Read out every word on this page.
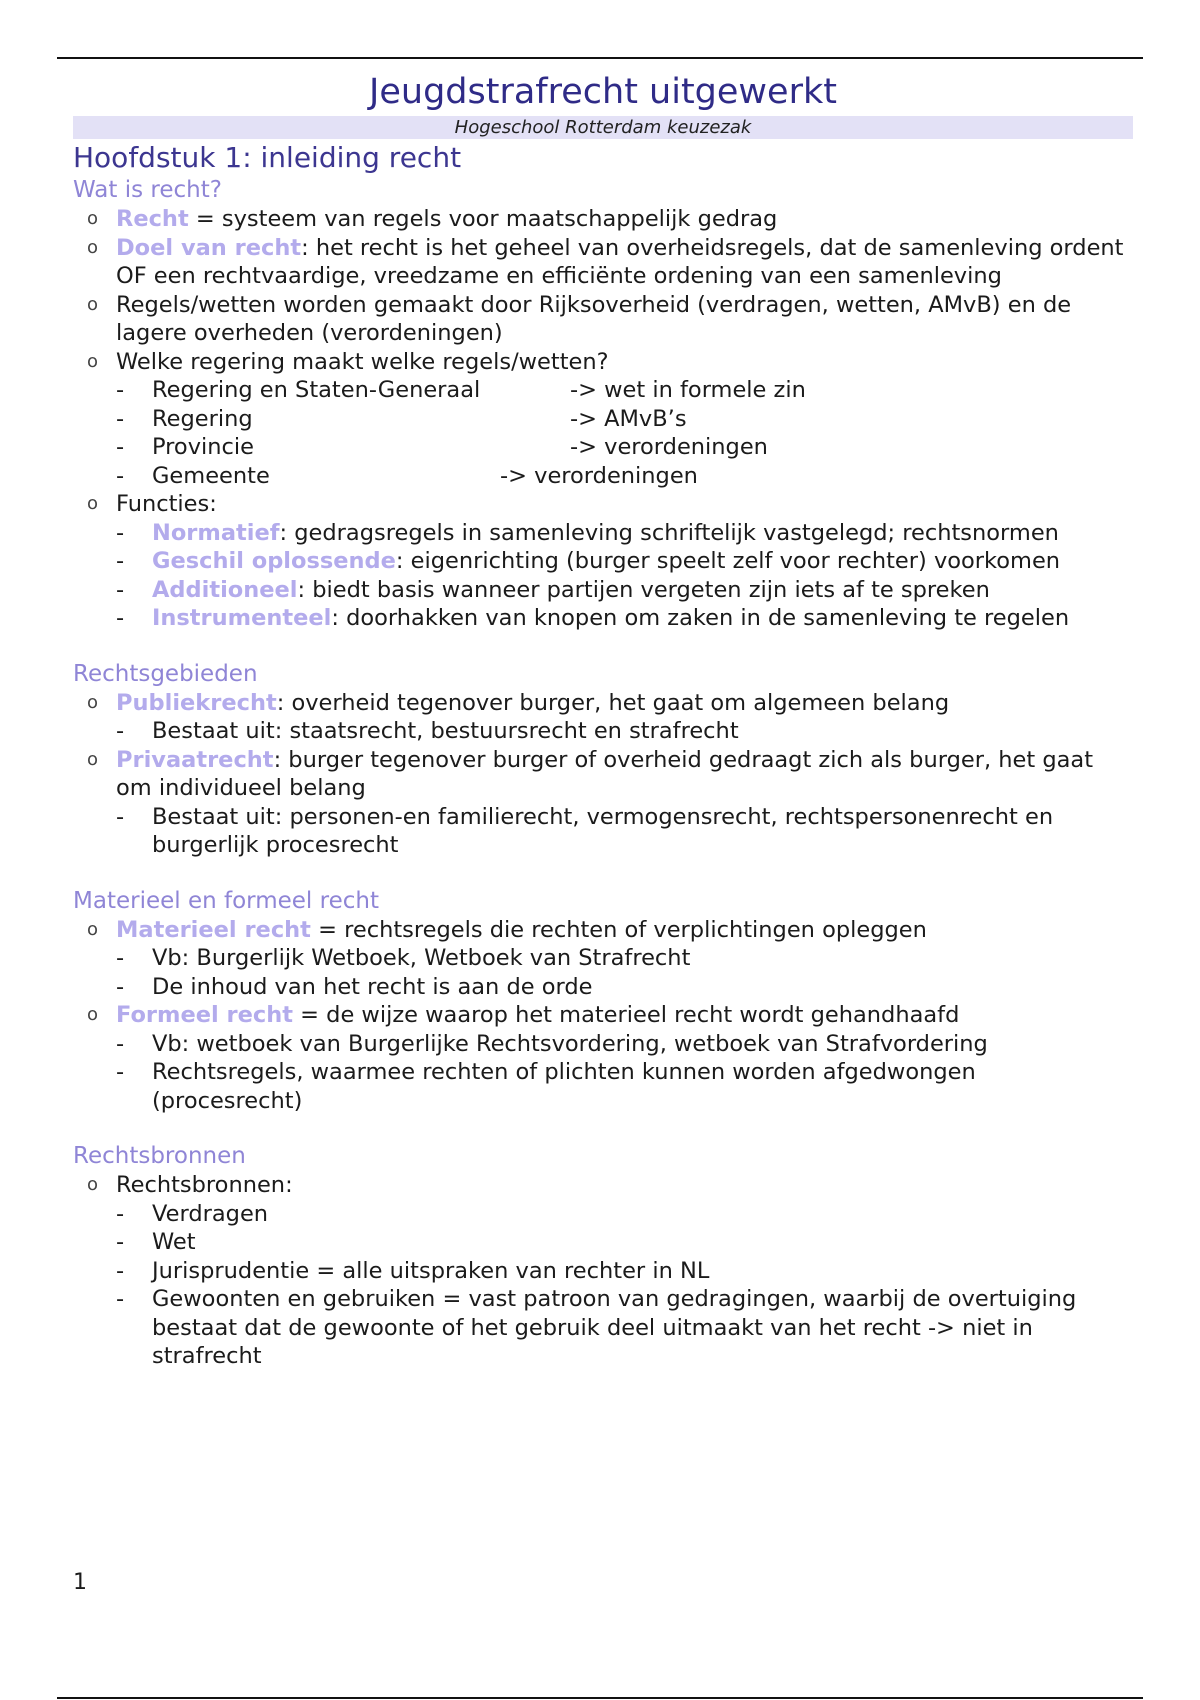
Jeugdstrafrecht uitgewerkt
Hogeschool Rotterdam keuzezak
Hoofdstuk 1: inleiding recht
Wat is recht?
o Recht = systeem van regels voor maatschappelijk gedrag
o Doel van recht: het recht is het geheel van overheidsregels, dat de samenleving ordent OF een rechtvaardige, vreedzame en efficiënte ordening van een samenleving
o Regels/wetten worden gemaakt door Rijksoverheid (verdragen, wetten, AMvB) en de lagere overheden (verordeningen)
o Welke regering maakt welke regels/wetten?
- Regering en Staten-Generaal	-> wet in formele zin
- Regering	-> AMvB’s
- Provincie	-> verordeningen
- Gemeente	-> verordeningen
o Functies:
- Normatief: gedragsregels in samenleving schriftelijk vastgelegd; rechtsnormen
- Geschil oplossende: eigenrichting (burger speelt zelf voor rechter) voorkomen
- Additioneel: biedt basis wanneer partijen vergeten zijn iets af te spreken
- Instrumenteel: doorhakken van knopen om zaken in de samenleving te regelen
Rechtsgebieden
o Publiekrecht: overheid tegenover burger, het gaat om algemeen belang
- Bestaat uit: staatsrecht, bestuursrecht en strafrecht
o Privaatrecht: burger tegenover burger of overheid gedraagt zich als burger, het gaat om individueel belang
- Bestaat uit: personen-en familierecht, vermogensrecht, rechtspersonenrecht en burgerlijk procesrecht
Materieel en formeel recht
o Materieel recht = rechtsregels die rechten of verplichtingen opleggen
- Vb: Burgerlijk Wetboek, Wetboek van Strafrecht
- De inhoud van het recht is aan de orde
o Formeel recht = de wijze waarop het materieel recht wordt gehandhaafd
- Vb: wetboek van Burgerlijke Rechtsvordering, wetboek van Strafvordering
- Rechtsregels, waarmee rechten of plichten kunnen worden afgedwongen (procesrecht)
Rechtsbronnen
o Rechtsbronnen:
- Verdragen
- Wet
- Jurisprudentie = alle uitspraken van rechter in NL
- Gewoonten en gebruiken = vast patroon van gedragingen, waarbij de overtuiging bestaat dat de gewoonte of het gebruik deel uitmaakt van het recht -> niet in strafrecht
1
